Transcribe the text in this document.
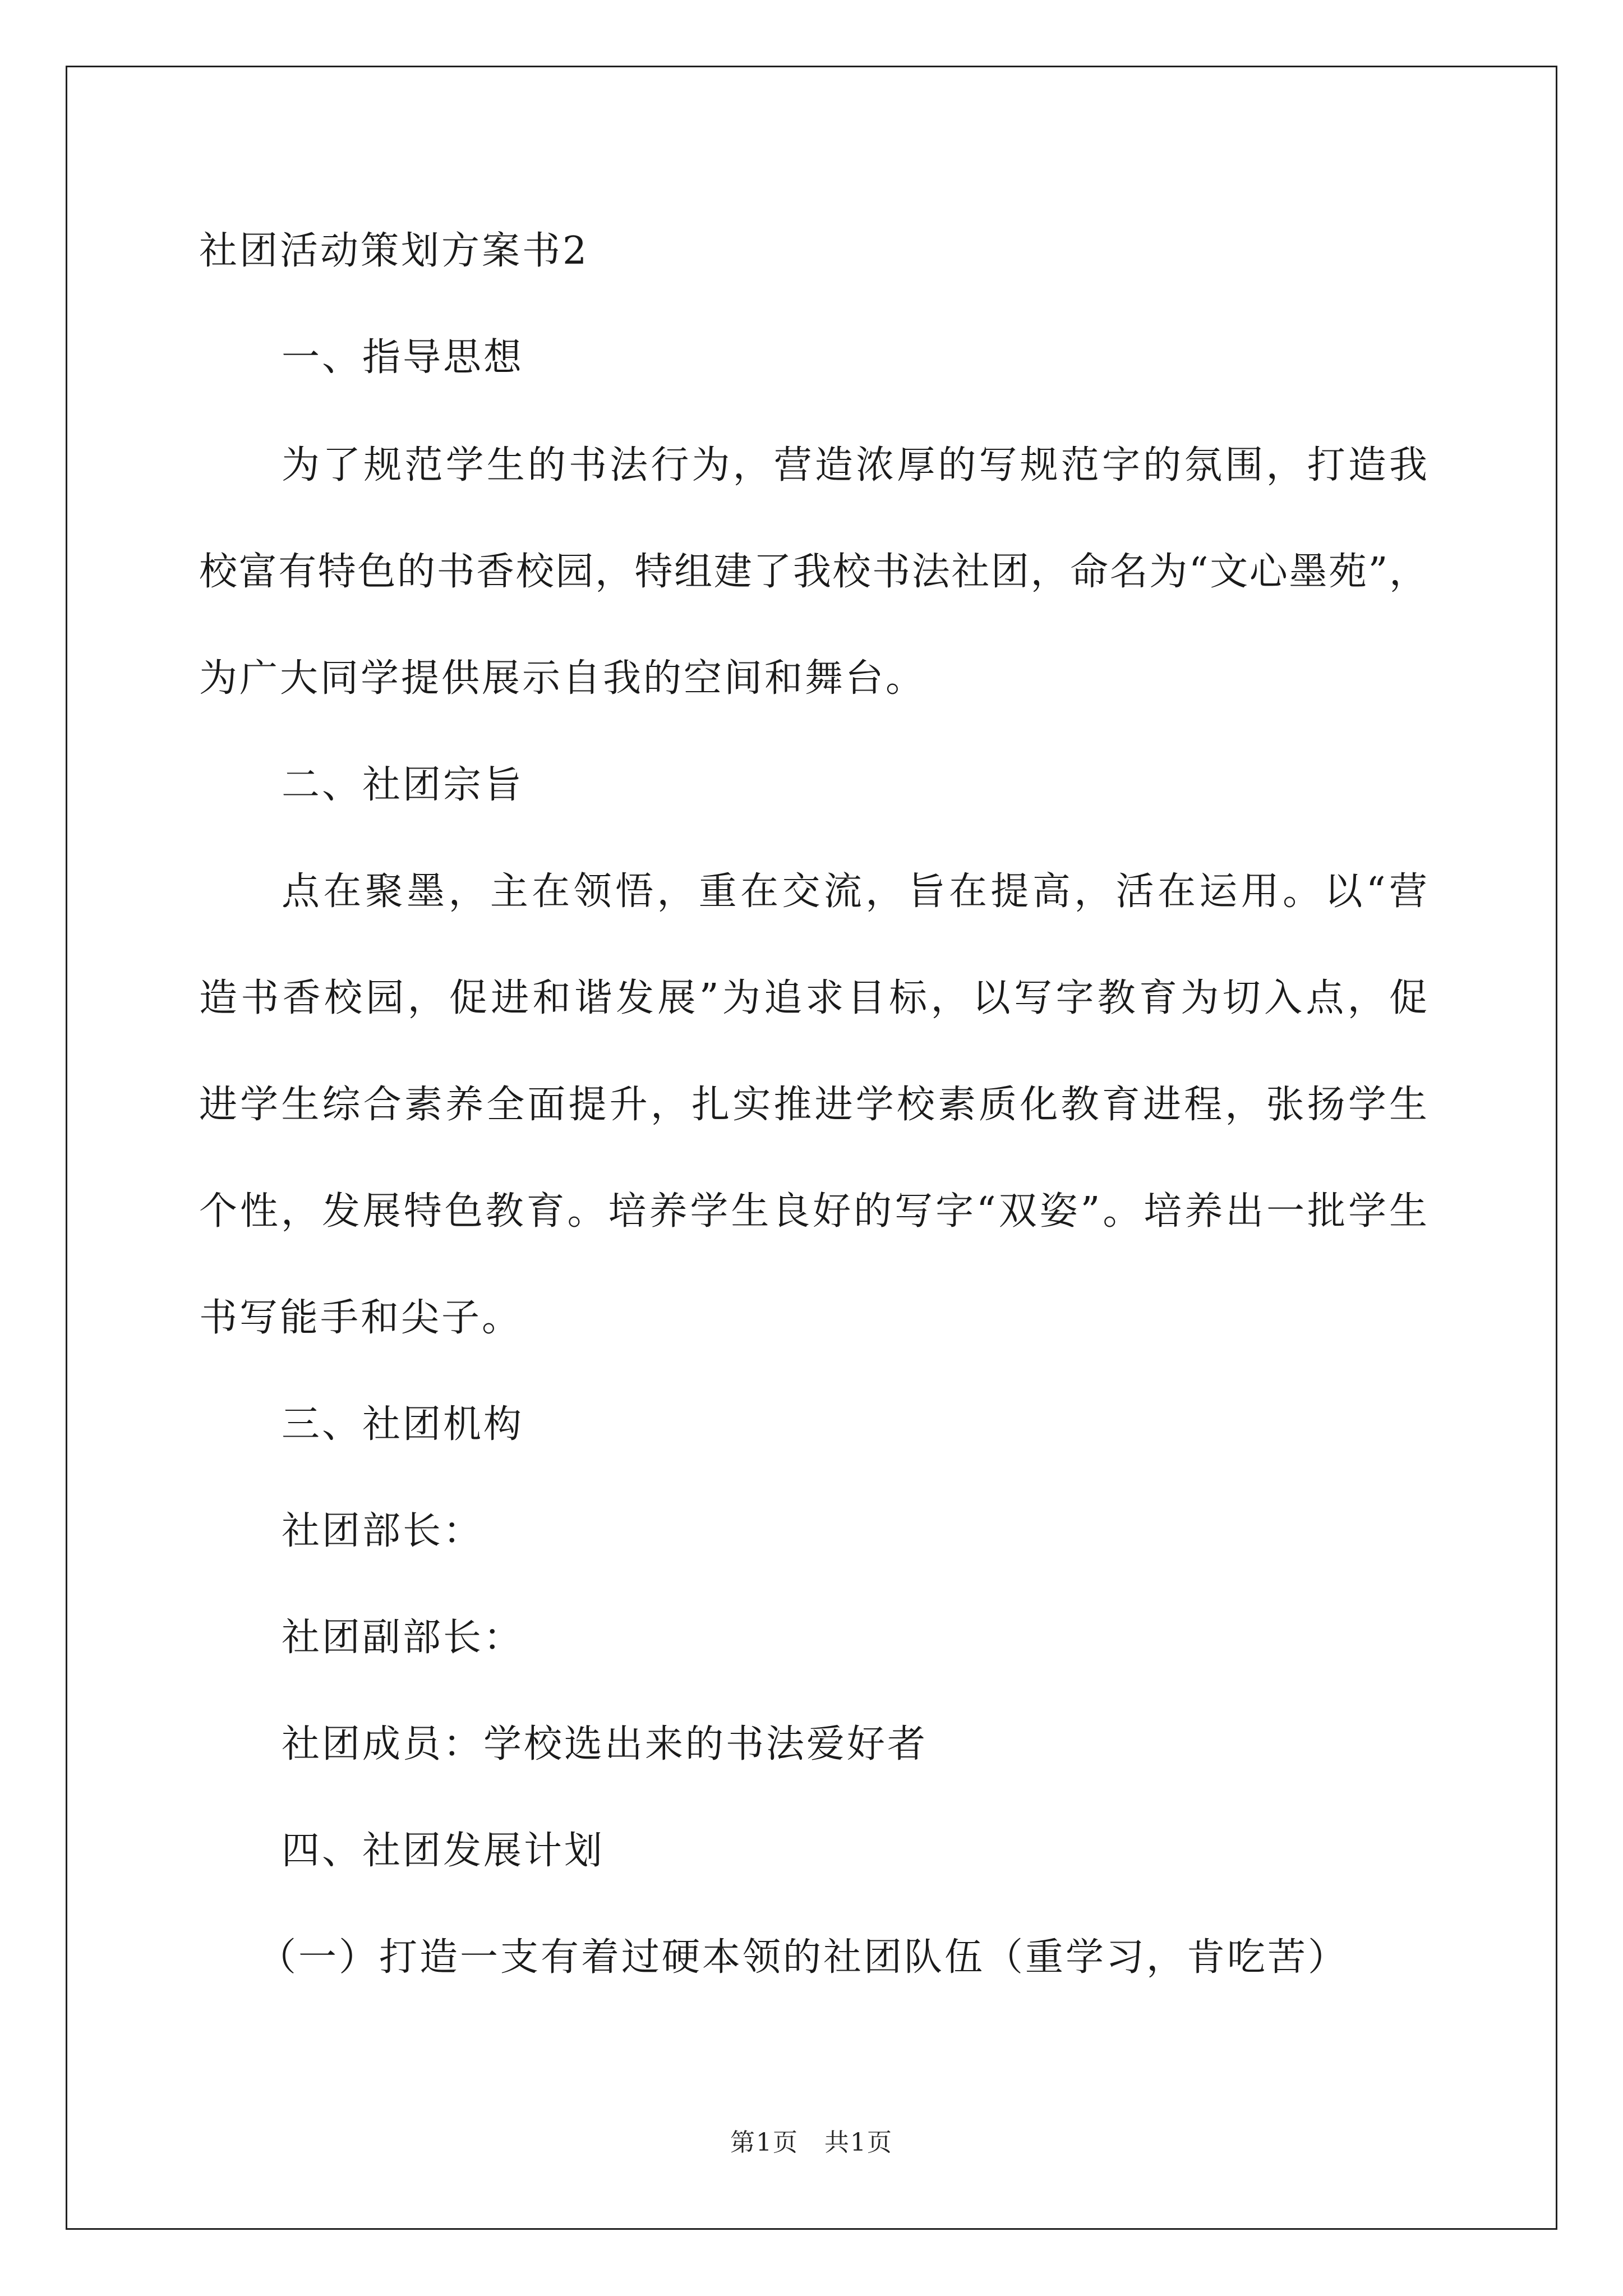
社团活动策划方案书2
一、指导思想
为了规范学生的书法行为，营造浓厚的写规范字的氛围，打造我
校富有特色的书香校园，特组建了我校书法社团，命名为“文心墨苑”，
为广大同学提供展示自我的空间和舞台。
二、社团宗旨
点在聚墨，主在领悟，重在交流，旨在提高，活在运用。以“营
造书香校园，促进和谐发展”为追求目标，以写字教育为切入点，促
进学生综合素养全面提升，扎实推进学校素质化教育进程，张扬学生
个性，发展特色教育。培养学生良好的写字“双姿”。培养出一批学生
书写能手和尖子。
三、社团机构
社团部长：
社团副部长：
社团成员：学校选出来的书法爱好者
四、社团发展计划
（一）打造一支有着过硬本领的社团队伍（重学习，肯吃苦）
第1页　共1页
